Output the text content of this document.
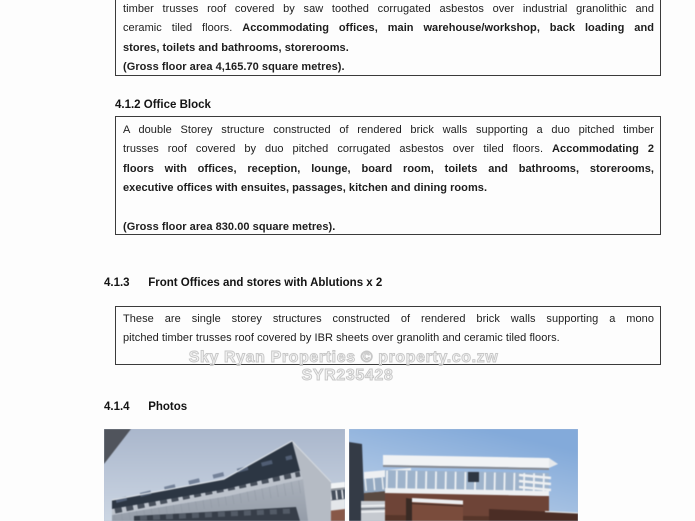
timber trusses roof covered by saw toothed corrugated asbestos over industrial granolithic and
ceramic tiled floors. Accommodating offices, main warehouse/workshop, back loading and
stores, toilets and bathrooms, storerooms.
(Gross floor area 4,165.70 square metres).
4.1.2 Office Block
A double Storey structure constructed of rendered brick walls supporting a duo pitched timber
trusses roof covered by duo pitched corrugated asbestos over tiled floors. Accommodating 2
floors with offices, reception, lounge, board room, toilets and bathrooms, storerooms,
executive offices with ensuites, passages, kitchen and dining rooms.
(Gross floor area 830.00 square metres).
4.1.3 Front Offices and stores with Ablutions x 2
These are single storey structures constructed of rendered brick walls supporting a mono
pitched timber trusses roof covered by IBR sheets over granolith and ceramic tiled floors.
Sky Ryan Properties © property.co.zw
SYR235428
4.1.4 Photos
